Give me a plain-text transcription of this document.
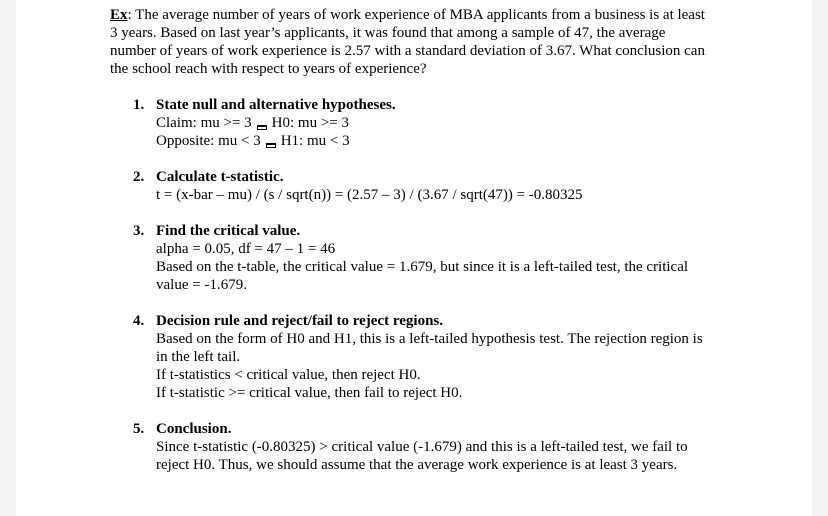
Ex: The average number of years of work experience of MBA applicants from a business is at least 3 years. Based on last year’s applicants, it was found that among a sample of 47, the average number of years of work experience is 2.57 with a standard deviation of 3.67. What conclusion can the school reach with respect to years of experience?

1. State null and alternative hypotheses.
Claim: mu >= 3 H0: mu >= 3
Opposite: mu < 3 H1: mu < 3
2. Calculate t-statistic.
t = (x-bar – mu) / (s / sqrt(n)) = (2.57 – 3) / (3.67 / sqrt(47)) = -0.80325
3. Find the critical value.
alpha = 0.05, df = 47 – 1 = 46
Based on the t-table, the critical value = 1.679, but since it is a left-tailed test, the critical value = -1.679.
4. Decision rule and reject/fail to reject regions.
Based on the form of H0 and H1, this is a left-tailed hypothesis test. The rejection region is in the left tail.
If t-statistics < critical value, then reject H0.
If t-statistic >= critical value, then fail to reject H0.
5. Conclusion.
Since t-statistic (-0.80325) > critical value (-1.679) and this is a left-tailed test, we fail to reject H0. Thus, we should assume that the average work experience is at least 3 years.
